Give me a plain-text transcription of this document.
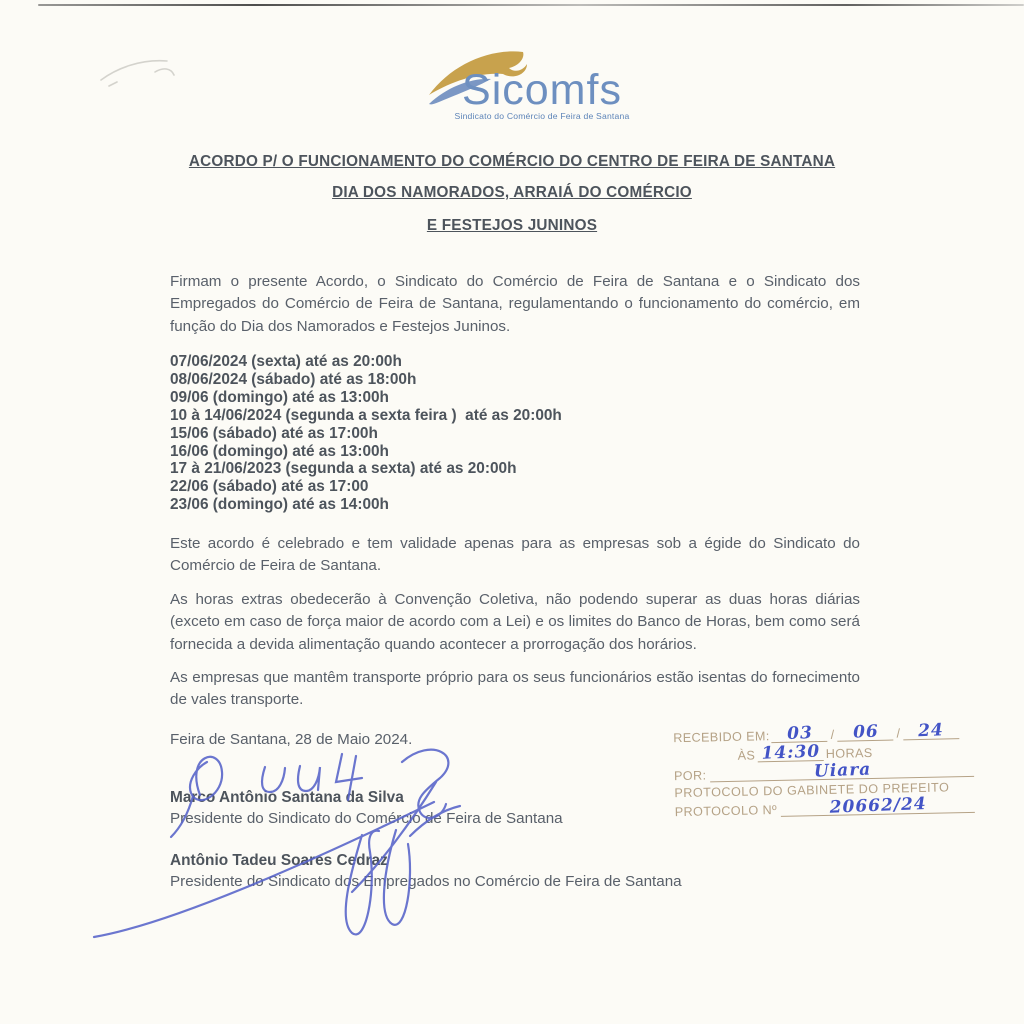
Sicomfs
Sindicato do Comércio de Feira de Santana
ACORDO P/ O FUNCIONAMENTO DO COMÉRCIO DO CENTRO DE FEIRA DE SANTANA
DIA DOS NAMORADOS, ARRAIÁ DO COMÉRCIO
E FESTEJOS JUNINOS

Firmam o presente Acordo, o Sindicato do Comércio de Feira de Santana e o Sindicato dos Empregados do Comércio de Feira de Santana, regulamentando o funcionamento do comércio, em função do Dia dos Namorados e Festejos Juninos.

07/06/2024 (sexta) até as 20:00h
08/06/2024 (sábado) até as 18:00h
09/06 (domingo) até as 13:00h
10 à 14/06/2024 (segunda a sexta feira )  até as 20:00h
15/06 (sábado) até as 17:00h
16/06 (domingo) até as 13:00h
17 à 21/06/2023 (segunda a sexta) até as 20:00h
22/06 (sábado) até as 17:00
23/06 (domingo) até as 14:00h

Este acordo é celebrado e tem validade apenas para as empresas sob a égide do Sindicato do Comércio de Feira de Santana.

As horas extras obedecerão à Convenção Coletiva, não podendo superar as duas horas diárias (exceto em caso de força maior de acordo com a Lei) e os limites do Banco de Horas, bem como será fornecida a devida alimentação quando acontecer a prorrogação dos horários.

As empresas que mantêm transporte próprio para os seus funcionários estão isentas do fornecimento de vales transporte.

Feira de Santana, 28 de Maio 2024.	RECEBIDO EM: 03	/	06	/	24
ÀS 14:30 HORAS
POR:	Uiara
PROTOCOLO DO GABINETE DO PREFEITO
PROTOCOLO Nº	20662/24
Marco Antônio Santana da Silva
Presidente do Sindicato do Comércio de Feira de Santana
Antônio Tadeu Soares Cedraz
Presidente do Sindicato dos Empregados no Comércio de Feira de Santana
